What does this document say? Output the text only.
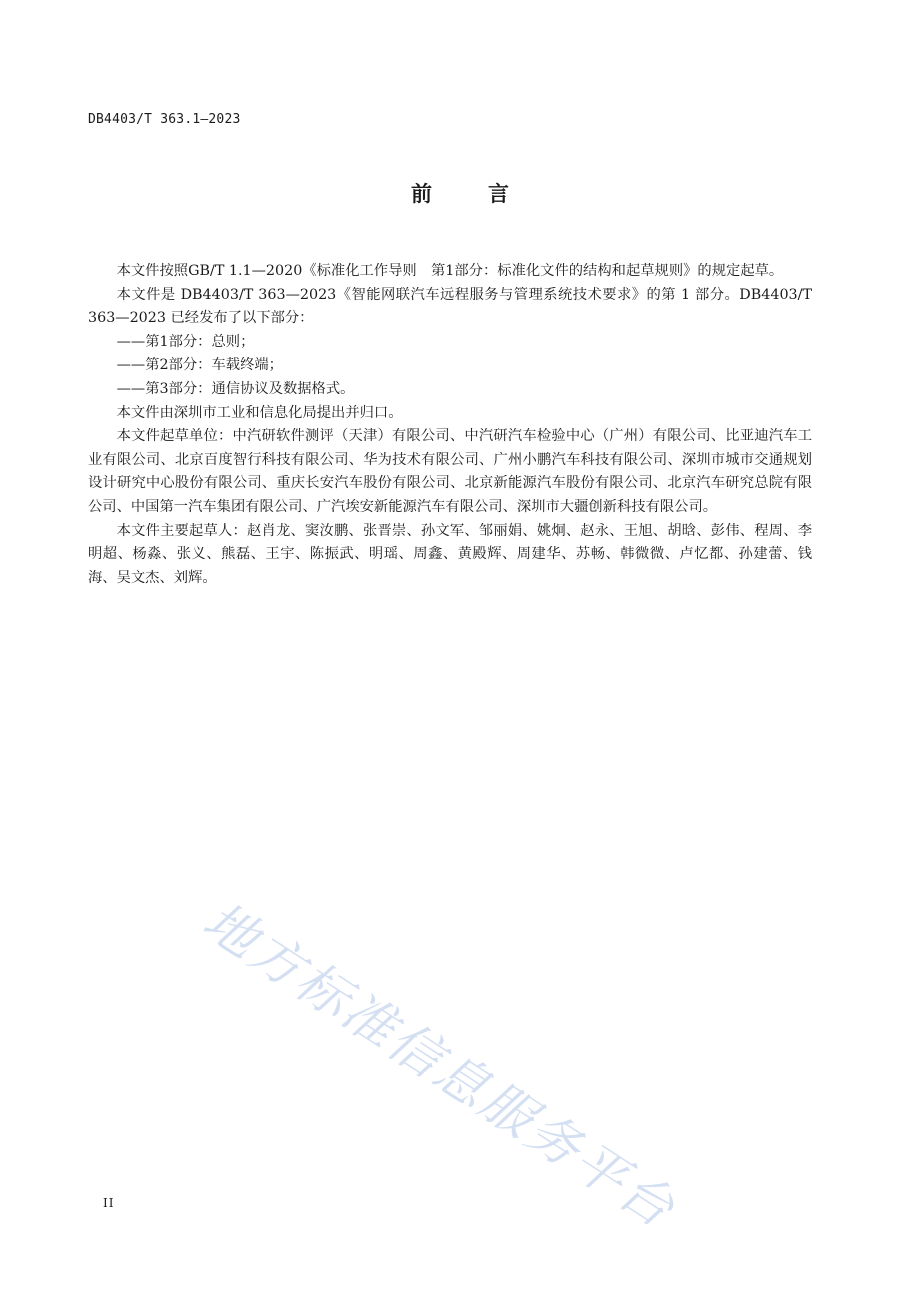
DB4403/T 363.1—2023
前	言

本文件按照GB/T 1.1—2020《标准化工作导则　第1部分：标准化文件的结构和起草规则》的规定起草。

本文件是 DB4403/T 363—2023《智能网联汽车远程服务与管理系统技术要求》的第 1 部分。DB4403/T 363—2023 已经发布了以下部分：

——第1部分：总则；

——第2部分：车载终端；

——第3部分：通信协议及数据格式。

本文件由深圳市工业和信息化局提出并归口。

本文件起草单位：中汽研软件测评（天津）有限公司、中汽研汽车检验中心（广州）有限公司、比亚迪汽车工业有限公司、北京百度智行科技有限公司、华为技术有限公司、广州小鹏汽车科技有限公司、深圳市城市交通规划设计研究中心股份有限公司、重庆长安汽车股份有限公司、北京新能源汽车股份有限公司、北京汽车研究总院有限公司、中国第一汽车集团有限公司、广汽埃安新能源汽车有限公司、深圳市大疆创新科技有限公司。

本文件主要起草人：赵肖龙、窦汝鹏、张晋崇、孙文军、邹丽娟、姚炯、赵永、王旭、胡晗、彭伟、程周、李明超、杨淼、张义、熊磊、王宇、陈振武、明瑶、周鑫、黄殿辉、周建华、苏畅、韩微微、卢忆都、孙建蕾、钱海、吴文杰、刘辉。

地方标准信息服务平台
II
